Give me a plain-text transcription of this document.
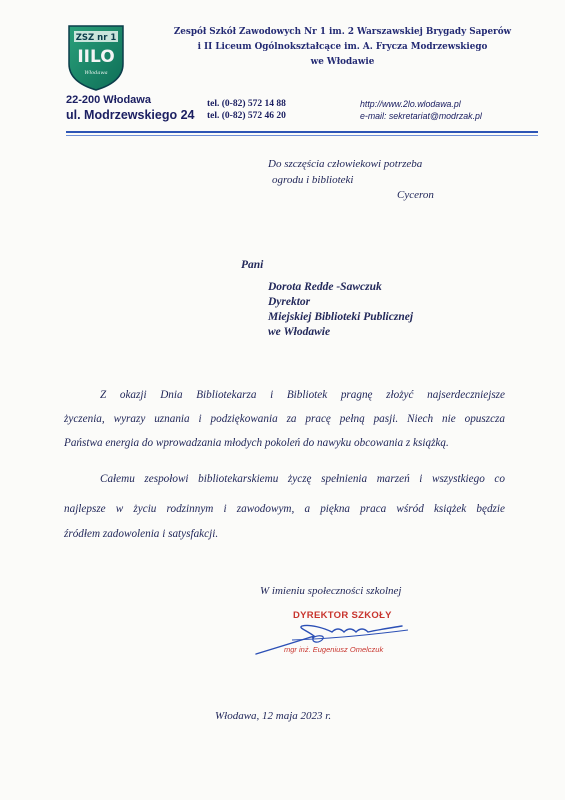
ZSZ nr 1
IILO
Włodawa
Zespół Szkół Zawodowych Nr 1 im. 2 Warszawskiej Brygady Saperów
i II Liceum Ogólnokształcące im. A. Frycza Modrzewskiego
we Włodawie
22-200 Włodawa
ul. Modrzewskiego 24
tel. (0-82) 572 14 88
tel. (0-82) 572 46 20
http://www.2lo.wlodawa.pl
e-mail: sekretariat@modrzak.pl
Do szczęścia człowiekowi potrzeba
ogrodu i biblioteki
Cyceron
Pani
Dorota Redde -Sawczuk
Dyrektor
Miejskiej Biblioteki Publicznej
we Włodawie
Z okazji Dnia Bibliotekarza i Bibliotek pragnę złożyć najserdeczniejsze
życzenia, wyrazy uznania i podziękowania za pracę pełną pasji. Niech nie opuszcza
Państwa energia do wprowadzania młodych pokoleń do nawyku obcowania z książką.
Całemu zespołowi bibliotekarskiemu życzę spełnienia marzeń i wszystkiego co
najlepsze w życiu rodzinnym i zawodowym, a piękna praca wśród książek będzie
źródłem zadowolenia i satysfakcji.
W imieniu społeczności szkolnej
DYREKTOR SZKOŁY
mgr inż. Eugeniusz Omelczuk
Włodawa, 12 maja 2023 r.
